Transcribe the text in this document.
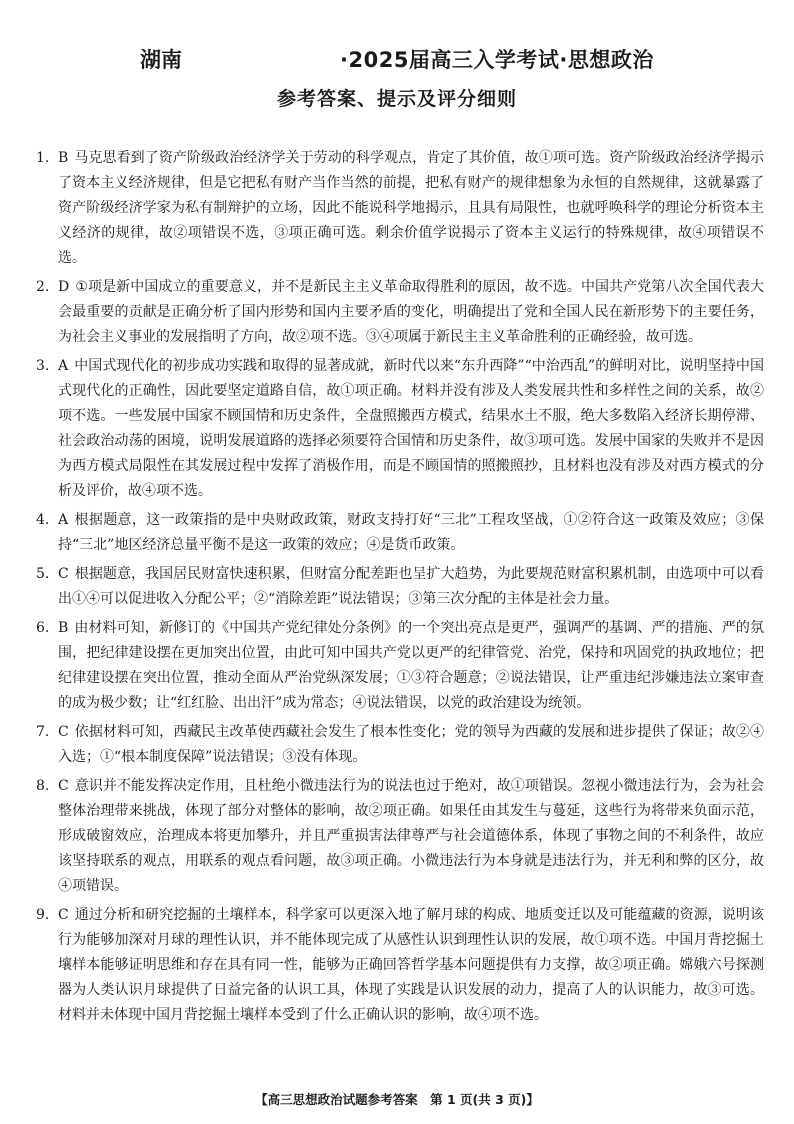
湖南	·2025届高三入学考试·思想政治
参考答案、提示及评分细则
1. B 马克思看到了资产阶级政治经济学关于劳动的科学观点，肯定了其价值，故①项可选。资产阶级政治经济学揭示了资本主义经济规律，但是它把私有财产当作当然的前提，把私有财产的规律想象为永恒的自然规律，这就暴露了资产阶级经济学家为私有制辩护的立场，因此不能说科学地揭示，且具有局限性，也就呼唤科学的理论分析资本主义经济的规律，故②项错误不选，③项正确可选。剩余价值学说揭示了资本主义运行的特殊规律，故④项错误不选。
2. D ①项是新中国成立的重要意义，并不是新民主主义革命取得胜利的原因，故不选。中国共产党第八次全国代表大会最重要的贡献是正确分析了国内形势和国内主要矛盾的变化，明确提出了党和全国人民在新形势下的主要任务，为社会主义事业的发展指明了方向，故②项不选。③④项属于新民主主义革命胜利的正确经验，故可选。
3. A 中国式现代化的初步成功实践和取得的显著成就，新时代以来“东升西降”“中治西乱”的鲜明对比，说明坚持中国式现代化的正确性，因此要坚定道路自信，故①项正确。材料并没有涉及人类发展共性和多样性之间的关系，故②项不选。一些发展中国家不顾国情和历史条件，全盘照搬西方模式，结果水土不服，绝大多数陷入经济长期停滞、社会政治动荡的困境，说明发展道路的选择必须要符合国情和历史条件，故③项可选。发展中国家的失败并不是因为西方模式局限性在其发展过程中发挥了消极作用，而是不顾国情的照搬照抄，且材料也没有涉及对西方模式的分析及评价，故④项不选。
4. A 根据题意，这一政策指的是中央财政政策，财政支持打好“三北”工程攻坚战，①②符合这一政策及效应；③保持“三北”地区经济总量平衡不是这一政策的效应；④是货币政策。
5. C 根据题意，我国居民财富快速积累，但财富分配差距也呈扩大趋势，为此要规范财富积累机制，由选项中可以看出①④可以促进收入分配公平；②“消除差距”说法错误；③第三次分配的主体是社会力量。
6. B 由材料可知，新修订的《中国共产党纪律处分条例》的一个突出亮点是更严，强调严的基调、严的措施、严的氛围，把纪律建设摆在更加突出位置，由此可知中国共产党以更严的纪律管党、治党，保持和巩固党的执政地位；把纪律建设摆在突出位置，推动全面从严治党纵深发展；①③符合题意；②说法错误，让严重违纪涉嫌违法立案审查的成为极少数；让“红红脸、出出汗”成为常态；④说法错误，以党的政治建设为统领。
7. C 依据材料可知，西藏民主改革使西藏社会发生了根本性变化；党的领导为西藏的发展和进步提供了保证；故②④入选；①“根本制度保障”说法错误；③没有体现。
8. C 意识并不能发挥决定作用，且杜绝小微违法行为的说法也过于绝对，故①项错误。忽视小微违法行为，会为社会整体治理带来挑战，体现了部分对整体的影响，故②项正确。如果任由其发生与蔓延，这些行为将带来负面示范，形成破窗效应，治理成本将更加攀升，并且严重损害法律尊严与社会道德体系，体现了事物之间的不利条件，故应该坚持联系的观点，用联系的观点看问题，故③项正确。小微违法行为本身就是违法行为，并无利和弊的区分，故④项错误。
9. C 通过分析和研究挖掘的土壤样本，科学家可以更深入地了解月球的构成、地质变迁以及可能蕴藏的资源，说明该行为能够加深对月球的理性认识，并不能体现完成了从感性认识到理性认识的发展，故①项不选。中国月背挖掘土壤样本能够证明思维和存在具有同一性，能够为正确回答哲学基本问题提供有力支撑，故②项正确。嫦娥六号探测器为人类认识月球提供了日益完备的认识工具，体现了实践是认识发展的动力，提高了人的认识能力，故③可选。材料并未体现中国月背挖掘土壤样本受到了什么正确认识的影响，故④项不选。
【高三思想政治试题参考答案　第 1 页(共 3 页)】
